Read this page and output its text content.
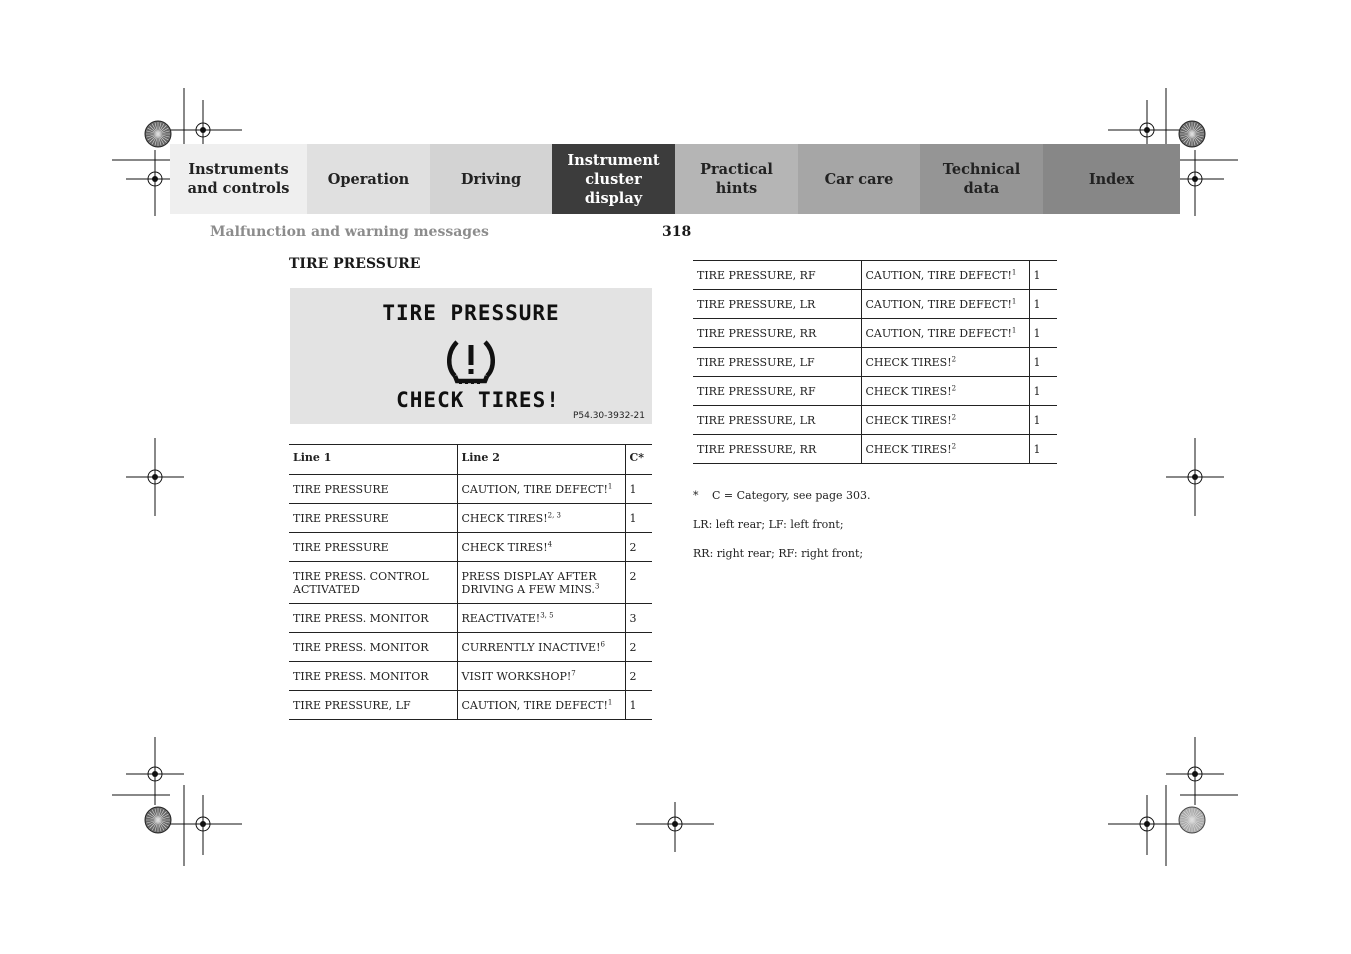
Instruments
and controls
Operation	Driving
Instrument
cluster display
Practical hints
Car care
Technical
data
Index
Malfunction and warning messages	318
TIRE PRESSURE
TIRE PRESSURE
CHECK TIRES!
P54.30-3932-21
Line 1	Line 2	C*
TIRE PRESSURE	CAUTION, TIRE DEFECT!$^1$	1
TIRE PRESSURE	CHECK TIRES!$^{2, 3}$	1
TIRE PRESSURE	CHECK TIRES!$^4$	2
TIRE PRESS. CONTROL ACTIVATED	PRESS DISPLAY AFTER DRIVING A FEW MINS.$^3$	2
TIRE PRESS. MONITOR	REACTIVATE!$^{3, 5}$	3
TIRE PRESS. MONITOR	CURRENTLY INACTIVE!$^6$	2
TIRE PRESS. MONITOR	VISIT WORKSHOP!$^7$	2
TIRE PRESSURE, LF	CAUTION, TIRE DEFECT!$^1$	1
TIRE PRESSURE, RF	CAUTION, TIRE DEFECT!$^1$	1
TIRE PRESSURE, LR	CAUTION, TIRE DEFECT!$^1$	1
TIRE PRESSURE, RR	CAUTION, TIRE DEFECT!$^1$	1
TIRE PRESSURE, LF	CHECK TIRES!$^2$	1
TIRE PRESSURE, RF	CHECK TIRES!$^2$	1
TIRE PRESSURE, LR	CHECK TIRES!$^2$	1
TIRE PRESSURE, RR	CHECK TIRES!$^2$	1
* C = Category, see page 303.
LR: left rear; LF: left front;
RR: right rear; RF: right front;
